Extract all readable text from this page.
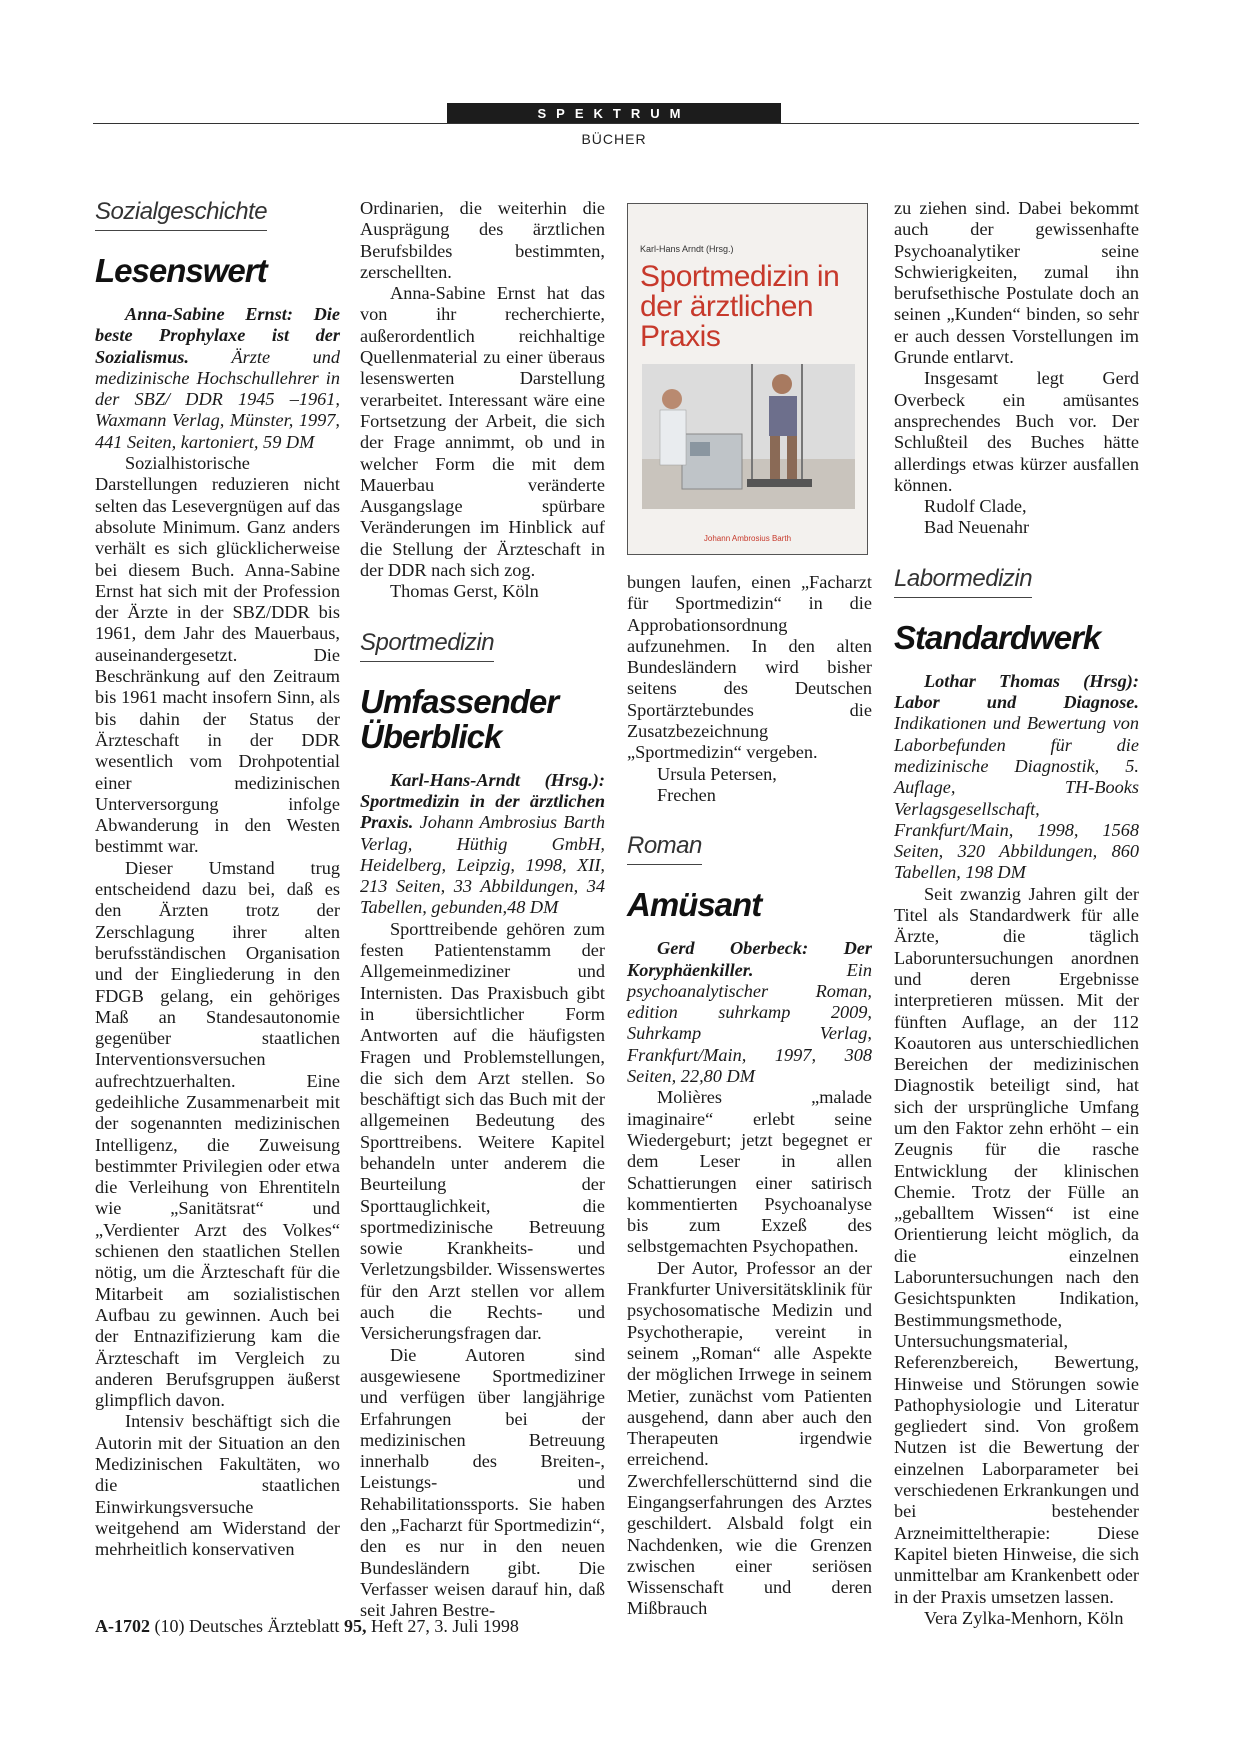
SPEKTRUM
BÜCHER
Sozialgeschichte
Lesenswert

Anna-Sabine Ernst: Die beste Prophylaxe ist der Sozialismus. Ärzte und medizinische Hochschullehrer in der SBZ/ DDR 1945 –1961, Waxmann Verlag, Münster, 1997, 441 Seiten, kartoniert, 59 DM

Sozialhistorische Darstellungen reduzieren nicht selten das Lesevergnügen auf das absolute Minimum. Ganz anders verhält es sich glücklicherweise bei diesem Buch. Anna-Sabine Ernst hat sich mit der Profession der Ärzte in der SBZ/DDR bis 1961, dem Jahr des Mauerbaus, auseinandergesetzt. Die Beschränkung auf den Zeitraum bis 1961 macht insofern Sinn, als bis dahin der Status der Ärzteschaft in der DDR wesentlich vom Drohpotential einer medizinischen Unterversorgung infolge Abwanderung in den Westen bestimmt war.

Dieser Umstand trug entscheidend dazu bei, daß es den Ärzten trotz der Zerschlagung ihrer alten berufsständischen Organisation und der Eingliederung in den FDGB gelang, ein gehöriges Maß an Standesautonomie gegenüber staatlichen Interventionsversuchen aufrechtzuerhalten. Eine gedeihliche Zusammenarbeit mit der sogenannten medizinischen Intelligenz, die Zuweisung bestimmter Privilegien oder etwa die Verleihung von Ehrentiteln wie „Sanitätsrat“ und „Verdienter Arzt des Volkes“ schienen den staatlichen Stellen nötig, um die Ärzteschaft für die Mitarbeit am sozialistischen Aufbau zu gewinnen. Auch bei der Entnazifizierung kam die Ärzteschaft im Vergleich zu anderen Berufsgruppen äußerst glimpflich davon.

Intensiv beschäftigt sich die Autorin mit der Situation an den Medizinischen Fakultäten, wo die staatlichen Einwirkungsversuche weitgehend am Widerstand der mehrheitlich konservativen

Ordinarien, die weiterhin die Ausprägung des ärztlichen Berufsbildes bestimmten, zerschellten.

Anna-Sabine Ernst hat das von ihr recherchierte, außerordentlich reichhaltige Quellenmaterial zu einer überaus lesenswerten Darstellung verarbeitet. Interessant wäre eine Fortsetzung der Arbeit, die sich der Frage annimmt, ob und in welcher Form die mit dem Mauerbau veränderte Ausgangslage spürbare Veränderungen im Hinblick auf die Stellung der Ärzteschaft in der DDR nach sich zog.

Thomas Gerst, Köln

Sportmedizin
Umfassender
Überblick

Karl-Hans-Arndt (Hrsg.): Sportmedizin in der ärztlichen Praxis. Johann Ambrosius Barth Verlag, Hüthig GmbH, Heidelberg, Leipzig, 1998, XII, 213 Seiten, 33 Abbildungen, 34 Tabellen, gebunden,48 DM

Sporttreibende gehören zum festen Patientenstamm der Allgemeinmediziner und Internisten. Das Praxisbuch gibt in übersichtlicher Form Antworten auf die häufigsten Fragen und Problemstellungen, die sich dem Arzt stellen. So beschäftigt sich das Buch mit der allgemeinen Bedeutung des Sporttreibens. Weitere Kapitel behandeln unter anderem die Beurteilung der Sporttauglichkeit, die sportmedizinische Betreuung sowie Krankheits- und Verletzungsbilder. Wissenswertes für den Arzt stellen vor allem auch die Rechts- und Versicherungsfragen dar.

Die Autoren sind ausgewiesene Sportmediziner und verfügen über langjährige Erfahrungen bei der medizinischen Betreuung innerhalb des Breiten-, Leistungs- und Rehabilitationssports. Sie haben den „Facharzt für Sportmedizin“, den es nur in den neuen Bundesländern gibt. Die Verfasser weisen darauf hin, daß seit Jahren Bestre-

Karl-Hans Arndt (Hrsg.)
Sportmedizin in der ärztlichen Praxis
Johann Ambrosius Barth

bungen laufen, einen „Facharzt für Sportmedizin“ in die Approbationsordnung aufzunehmen. In den alten Bundesländern wird bisher seitens des Deutschen Sportärztebundes die Zusatzbezeichnung „Sportmedizin“ vergeben.

Ursula Petersen,

Frechen

Roman
Amüsant

Gerd Oberbeck: Der Koryphäenkiller. Ein psychoanalytischer Roman, edition suhrkamp 2009, Suhrkamp Verlag, Frankfurt/Main, 1997, 308 Seiten, 22,80 DM

Molières „malade imaginaire“ erlebt seine Wiedergeburt; jetzt begegnet er dem Leser in allen Schattierungen einer satirisch kommentierten Psychoanalyse bis zum Exzeß des selbstgemachten Psychopathen.

Der Autor, Professor an der Frankfurter Universitätsklinik für psychosomatische Medizin und Psychotherapie, vereint in seinem „Roman“ alle Aspekte der möglichen Irrwege in seinem Metier, zunächst vom Patienten ausgehend, dann aber auch den Therapeuten irgendwie erreichend. Zwerchfellerschütternd sind die Eingangserfahrungen des Arztes geschildert. Alsbald folgt ein Nachdenken, wie die Grenzen zwischen einer seriösen Wissenschaft und deren Mißbrauch

zu ziehen sind. Dabei bekommt auch der gewissenhafte Psychoanalytiker seine Schwierigkeiten, zumal ihn berufsethische Postulate doch an seinen „Kunden“ binden, so sehr er auch dessen Vorstellungen im Grunde entlarvt.

Insgesamt legt Gerd Overbeck ein amüsantes ansprechendes Buch vor. Der Schlußteil des Buches hätte allerdings etwas kürzer ausfallen können.

Rudolf Clade,

Bad Neuenahr

Labormedizin
Standardwerk

Lothar Thomas (Hrsg): Labor und Diagnose. Indikationen und Bewertung von Laborbefunden für die medizinische Diagnostik, 5. Auflage, TH-Books Verlagsgesellschaft, Frankfurt/Main, 1998, 1568 Seiten, 320 Abbildungen, 860 Tabellen, 198 DM

Seit zwanzig Jahren gilt der Titel als Standardwerk für alle Ärzte, die täglich Laboruntersuchungen anordnen und deren Ergebnisse interpretieren müssen. Mit der fünften Auflage, an der 112 Koautoren aus unterschiedlichen Bereichen der medizinischen Diagnostik beteiligt sind, hat sich der ursprüngliche Umfang um den Faktor zehn erhöht – ein Zeugnis für die rasche Entwicklung der klinischen Chemie. Trotz der Fülle an „geballtem Wissen“ ist eine Orientierung leicht möglich, da die einzelnen Laboruntersuchungen nach den Gesichtspunkten Indikation, Bestimmungsmethode, Untersuchungsmaterial, Referenzbereich, Bewertung, Hinweise und Störungen sowie Pathophysiologie und Literatur gegliedert sind. Von großem Nutzen ist die Bewertung der einzelnen Laborparameter bei verschiedenen Erkrankungen und bei bestehender Arzneimitteltherapie: Diese Kapitel bieten Hinweise, die sich unmittelbar am Krankenbett oder in der Praxis umsetzen lassen.

Vera Zylka-Menhorn, Köln

A-1702 (10) Deutsches Ärzteblatt 95, Heft 27, 3. Juli 1998
